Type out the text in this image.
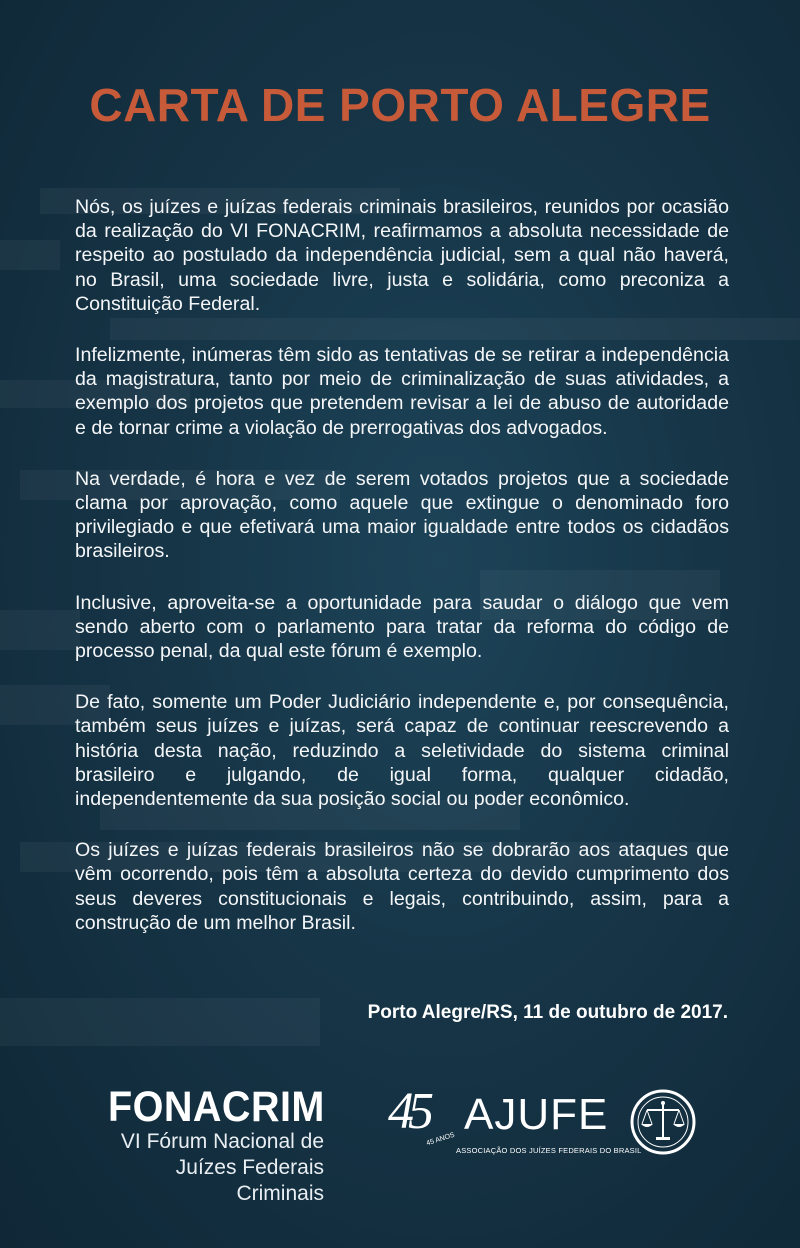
CARTA DE PORTO ALEGRE

Nós, os juízes e juízas federais criminais brasileiros, reunidos por ocasião da realização do VI FONACRIM, reafirmamos a absoluta necessidade de respeito ao postulado da independência judicial, sem a qual não haverá, no Brasil, uma sociedade livre, justa e solidária, como preconiza a Constituição Federal.

Infelizmente, inúmeras têm sido as tentativas de se retirar a independência da magistratura, tanto por meio de criminalização de suas atividades, a exemplo dos projetos que pretendem revisar a lei de abuso de autoridade e de tornar crime a violação de prerrogativas dos advogados.

Na verdade, é hora e vez de serem votados projetos que a sociedade clama por aprovação, como aquele que extingue o denominado foro privilegiado e que efetivará uma maior igualdade entre todos os cidadãos brasileiros.

Inclusive, aproveita-se a oportunidade para saudar o diálogo que vem sendo aberto com o parlamento para tratar da reforma do código de processo penal, da qual este fórum é exemplo.

De fato, somente um Poder Judiciário independente e, por consequência, também seus juízes e juízas, será capaz de continuar reescrevendo a história desta nação, reduzindo a seletividade do sistema criminal brasileiro e julgando, de igual forma, qualquer cidadão, independentemente da sua posição social ou poder econômico.

Os juízes e juízas federais brasileiros não se dobrarão aos ataques que vêm ocorrendo, pois têm a absoluta certeza do devido cumprimento dos seus deveres constitucionais e legais, contribuindo, assim, para a construção de um melhor Brasil.

Porto Alegre/RS, 11 de outubro de 2017.
FONACRIM
VI Fórum Nacional de
Juízes Federais Criminais
45
45 ANOS
AJUFE
ASSOCIAÇÃO DOS JUÍZES FEDERAIS DO BRASIL
